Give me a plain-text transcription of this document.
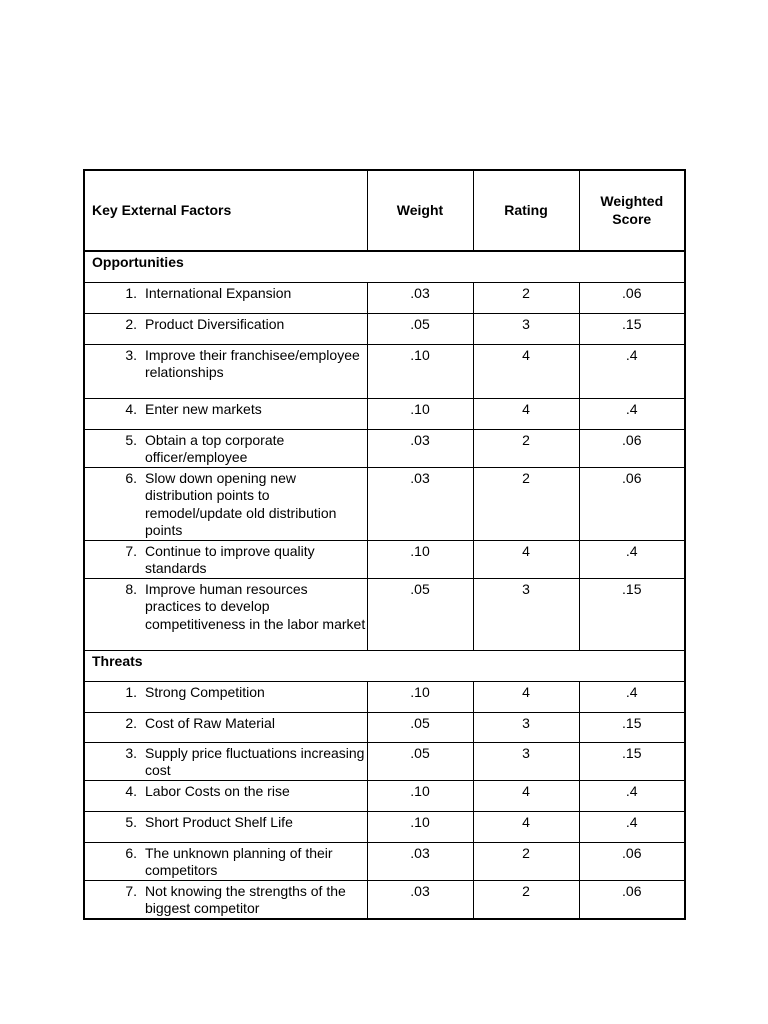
Key External Factors	Weight	Rating	Weighted Score
Opportunities			

1. International Expansion	.03	2	.06

2. Product Diversification	.05	3	.15

3. Improve their franchisee/employee relationships	.10	4	.4

4. Enter new markets	.10	4	.4

5. Obtain a top corporate officer/employee	.03	2	.06

6. Slow down opening new distribution points to remodel/update old distribution points	.03	2	.06

7. Continue to improve quality standards	.10	4	.4

8. Improve human resources practices to develop competitiveness in the labor market	.05	3	.15
Threats			

1. Strong Competition	.10	4	.4

2. Cost of Raw Material	.05	3	.15

3. Supply price fluctuations increasing cost	.05	3	.15

4. Labor Costs on the rise	.10	4	.4

5. Short Product Shelf Life	.10	4	.4

6. The unknown planning of their competitors	.03	2	.06

7. Not knowing the strengths of the biggest competitor	.03	2	.06
